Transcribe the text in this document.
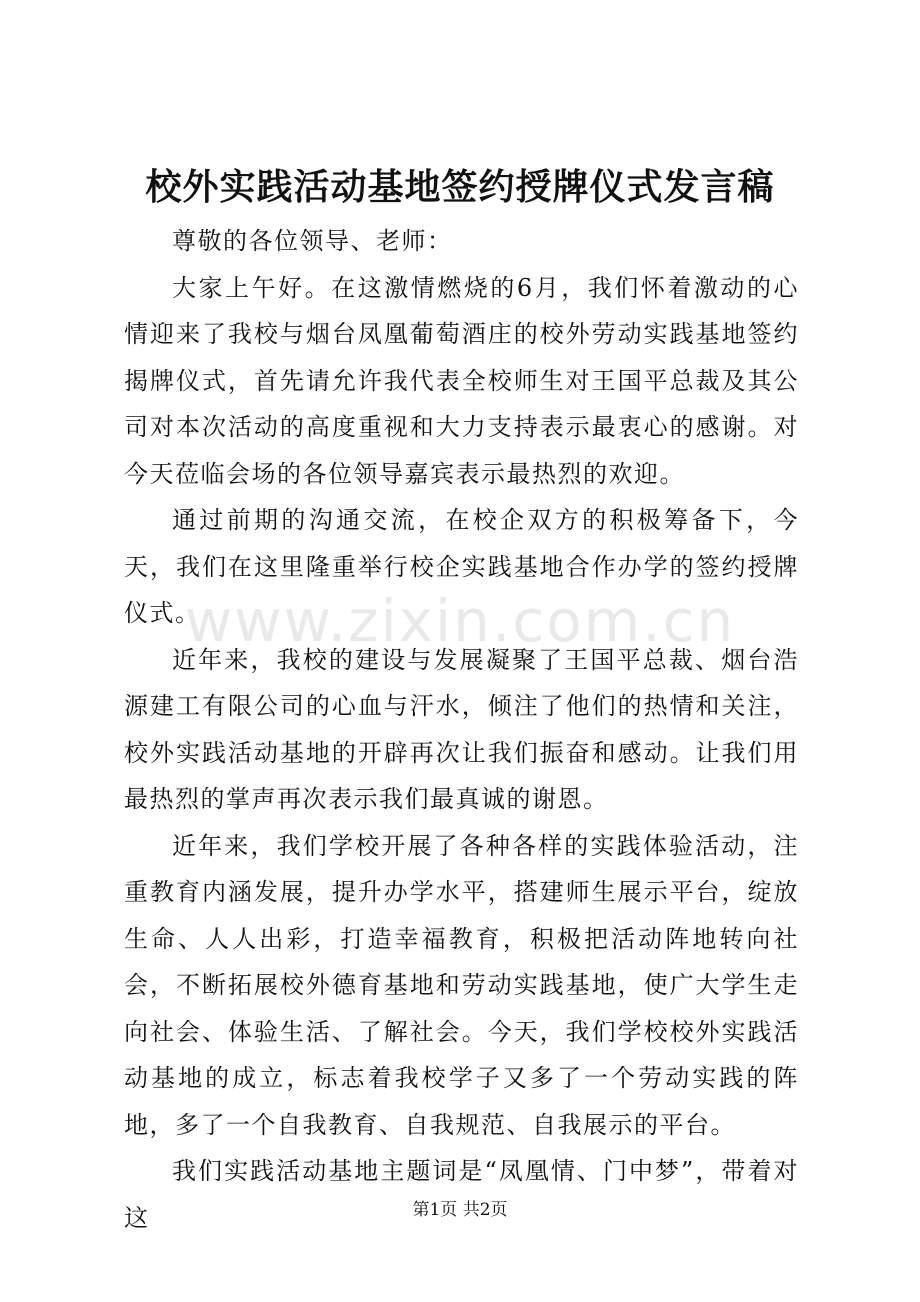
校外实践活动基地签约授牌仪式发言稿

尊敬的各位领导、老师：

大家上午好。在这激情燃烧的6月，我们怀着激动的心情迎来了我校与烟台凤凰葡萄酒庄的校外劳动实践基地签约揭牌仪式，首先请允许我代表全校师生对王国平总裁及其公司对本次活动的高度重视和大力支持表示最衷心的感谢。对今天莅临会场的各位领导嘉宾表示最热烈的欢迎。

通过前期的沟通交流，在校企双方的积极筹备下，今天，我们在这里隆重举行校企实践基地合作办学的签约授牌仪式。

近年来，我校的建设与发展凝聚了王国平总裁、烟台浩源建工有限公司的心血与汗水，倾注了他们的热情和关注，校外实践活动基地的开辟再次让我们振奋和感动。让我们用最热烈的掌声再次表示我们最真诚的谢恩。

近年来，我们学校开展了各种各样的实践体验活动，注重教育内涵发展，提升办学水平，搭建师生展示平台，绽放生命、人人出彩，打造幸福教育，积极把活动阵地转向社会，不断拓展校外德育基地和劳动实践基地，使广大学生走向社会、体验生活、了解社会。今天，我们学校校外实践活动基地的成立，标志着我校学子又多了一个劳动实践的阵地，多了一个自我教育、自我规范、自我展示的平台。

我们实践活动基地主题词是“凤凰情、门中梦”，带着对这

www.zixin.com.cn
第1页 共2页
